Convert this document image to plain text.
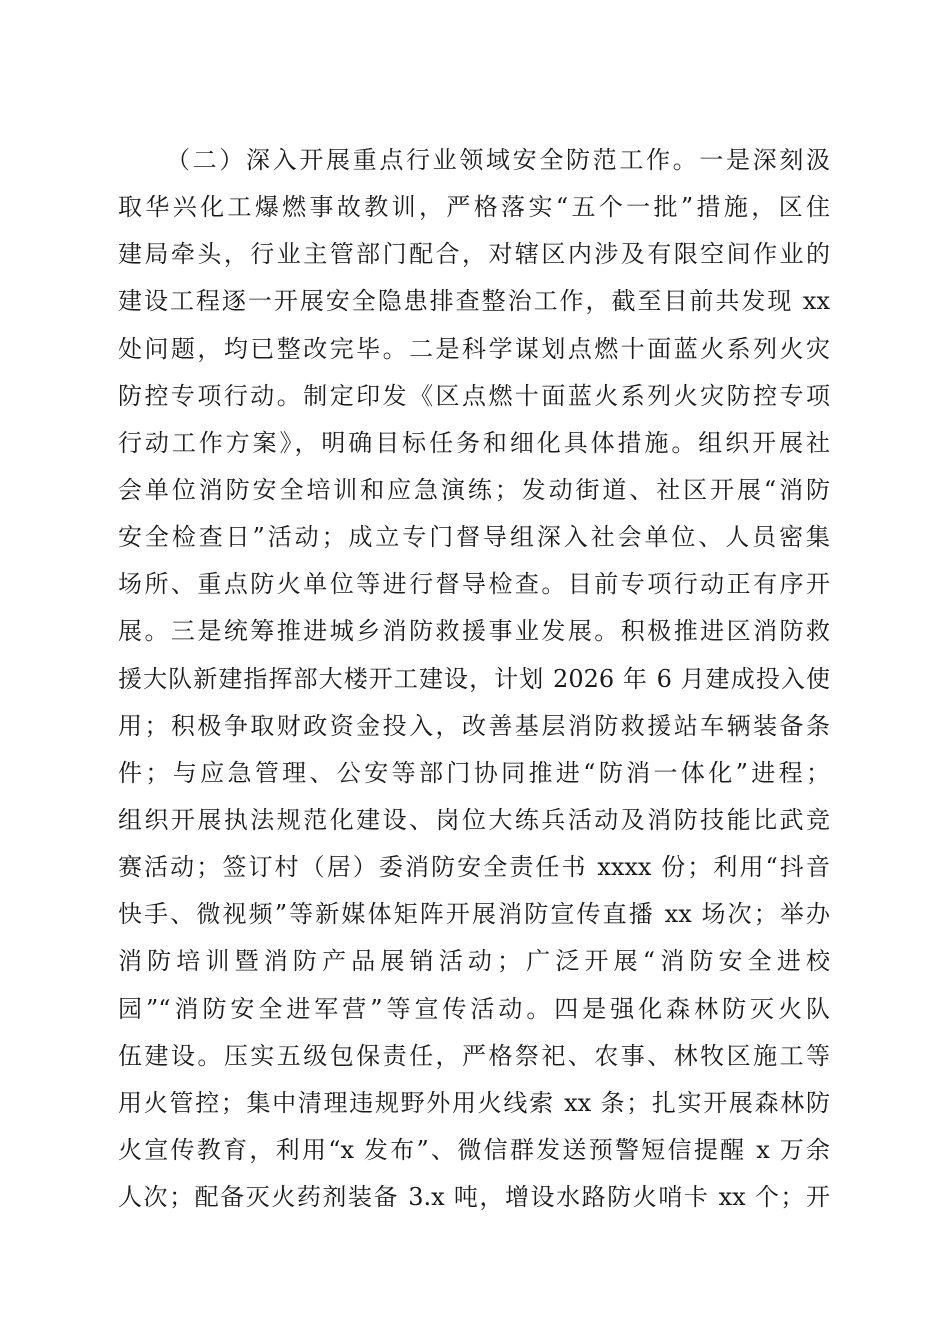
（二）深入开展重点行业领域安全防范工作。一是深刻汲
取华兴化工爆燃事故教训，严格落实“五个一批”措施，区住
建局牵头，行业主管部门配合，对辖区内涉及有限空间作业的
建设工程逐一开展安全隐患排查整治工作，截至目前共发现 xx
处问题，均已整改完毕。二是科学谋划点燃十面蓝火系列火灾
防控专项行动。制定印发《区点燃十面蓝火系列火灾防控专项
行动工作方案》，明确目标任务和细化具体措施。组织开展社
会单位消防安全培训和应急演练；发动街道、社区开展“消防
安全检查日”活动；成立专门督导组深入社会单位、人员密集
场所、重点防火单位等进行督导检查。目前专项行动正有序开
展。三是统筹推进城乡消防救援事业发展。积极推进区消防救
援大队新建指挥部大楼开工建设，计划 2026 年 6 月建成投入使
用；积极争取财政资金投入，改善基层消防救援站车辆装备条
件；与应急管理、公安等部门协同推进“防消一体化”进程；
组织开展执法规范化建设、岗位大练兵活动及消防技能比武竞
赛活动；签订村（居）委消防安全责任书 xxxx 份；利用“抖音
快手、微视频”等新媒体矩阵开展消防宣传直播 xx 场次；举办
消防培训暨消防产品展销活动；广泛开展“消防安全进校
园”“消防安全进军营”等宣传活动。四是强化森林防灭火队
伍建设。压实五级包保责任，严格祭祀、农事、林牧区施工等
用火管控；集中清理违规野外用火线索 xx 条；扎实开展森林防
火宣传教育，利用“x 发布”、微信群发送预警短信提醒 x 万余
人次；配备灭火药剂装备 3.x 吨，增设水路防火哨卡 xx 个；开
